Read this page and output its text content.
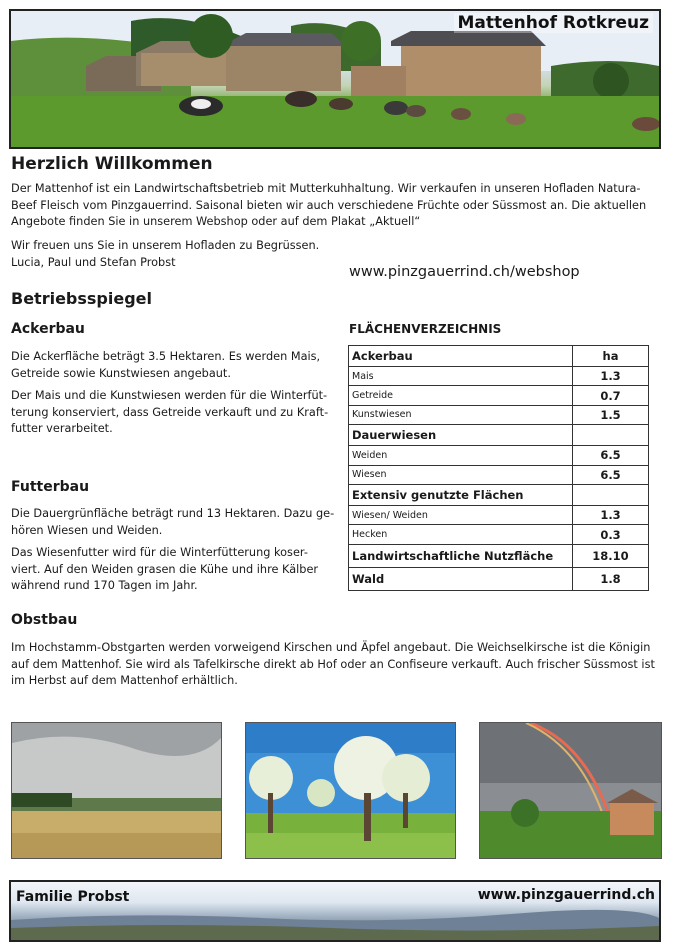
Mattenhof Rotkreuz
Herzlich Willkommen

Der Mattenhof ist ein Landwirtschaftsbetrieb mit Mutterkuhhaltung. Wir verkaufen in unseren Hofladen Natura-

Beef Fleisch vom Pinzgauerrind. Saisonal bieten wir auch verschiedene Früchte oder Süssmost an. Die aktuellen

Angebote finden Sie in unserem Webshop oder auf dem Plakat „Aktuell“

Wir freuen uns Sie in unserem Hofladen zu Begrüssen.

Lucia, Paul und Stefan Probst

www.pinzgauerrind.ch/webshop
Betriebsspiegel
Ackerbau

Die Ackerfläche beträgt 3.5 Hektaren. Es werden Mais,

Getreide sowie Kunstwiesen angebaut.

Der Mais und die Kunstwiesen werden für die Winterfüt-

terung konserviert, dass Getreide verkauft und zu Kraft-

futter verarbeitet.

Futterbau

Die Dauergrünfläche beträgt rund 13 Hektaren. Dazu ge-

hören Wiesen und Weiden.

Das Wiesenfutter wird für die Winterfütterung koser-

viert. Auf den Weiden grasen die Kühe und ihre Kälber

während rund 170 Tagen im Jahr.

FLÄCHENVERZEICHNIS
Ackerbau	ha
Mais	1.3
Getreide	0.7
Kunstwiesen	1.5
Dauerwiesen	
Weiden	6.5
Wiesen	6.5
Extensiv genutzte Flächen	
Wiesen/ Weiden	1.3
Hecken	0.3
Landwirtschaftliche Nutzfläche	18.10
Wald	1.8
Obstbau

Im Hochstamm-Obstgarten werden vorweigend Kirschen und Äpfel angebaut. Die Weichselkirsche ist die Königin

auf dem Mattenhof. Sie wird als Tafelkirsche direkt ab Hof oder an Confiseure verkauft. Auch frischer Süssmost ist

im Herbst auf dem Mattenhof erhältlich.

Familie Probst	www.pinzgauerrind.ch
